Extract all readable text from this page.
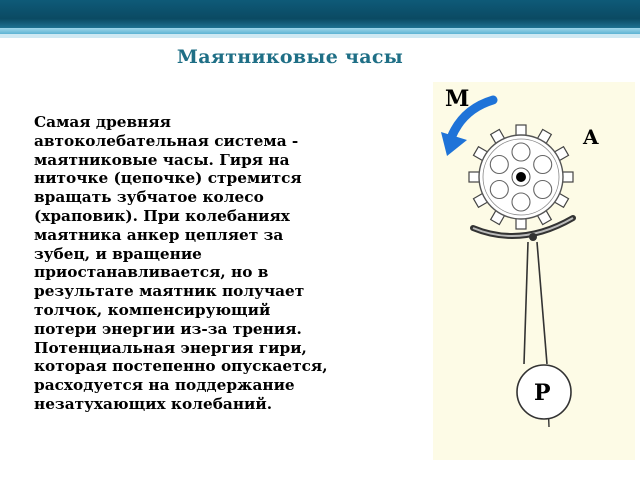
Маятниковые часы
Самая древняя
автоколебательная система -
маятниковые часы. Гиря на
ниточке (цепочке) стремится
вращать зубчатое колесо
(храповик). При колебаниях
маятника анкер цепляет за
зубец, и вращение
приостанавливается, но в
результате маятник получает
толчок, компенсирующий
потери энергии из-за трения.
Потенциальная энергия гири,
которая постепенно опускается,
расходуется на поддержание
незатухающих колебаний.
M
A
P
